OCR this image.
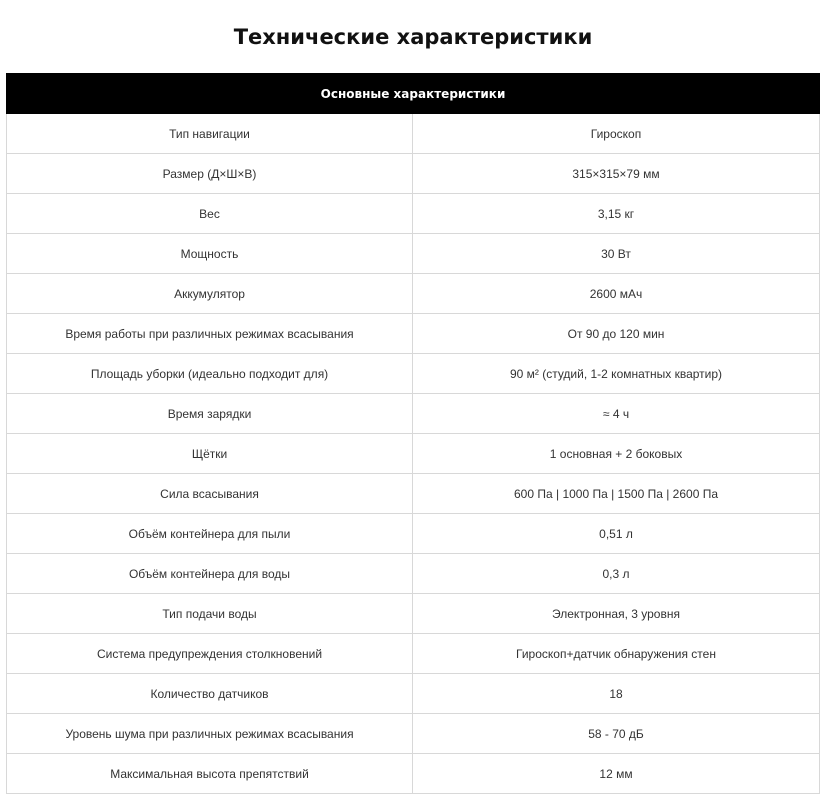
Технические характеристики
Основные характеристики	
Тип навигации	Гироскоп
Размер (Д×Ш×В)	315×315×79 мм
Вес	3,15 кг
Мощность	30 Вт
Аккумулятор	2600 мАч
Время работы при различных режимах всасывания	От 90 до 120 мин
Площадь уборки (идеально подходит для)	90 м² (студий, 1-2 комнатных квартир)
Время зарядки	≈ 4 ч
Щётки	1 основная + 2 боковых
Сила всасывания	600 Па | 1000 Па | 1500 Па | 2600 Па
Объём контейнера для пыли	0,51 л
Объём контейнера для воды	0,3 л
Тип подачи воды	Электронная, 3 уровня
Система предупреждения столкновений	Гироскоп+датчик обнаружения стен
Количество датчиков	18
Уровень шума при различных режимах всасывания	58 - 70 дБ
Максимальная высота препятствий	12 мм
